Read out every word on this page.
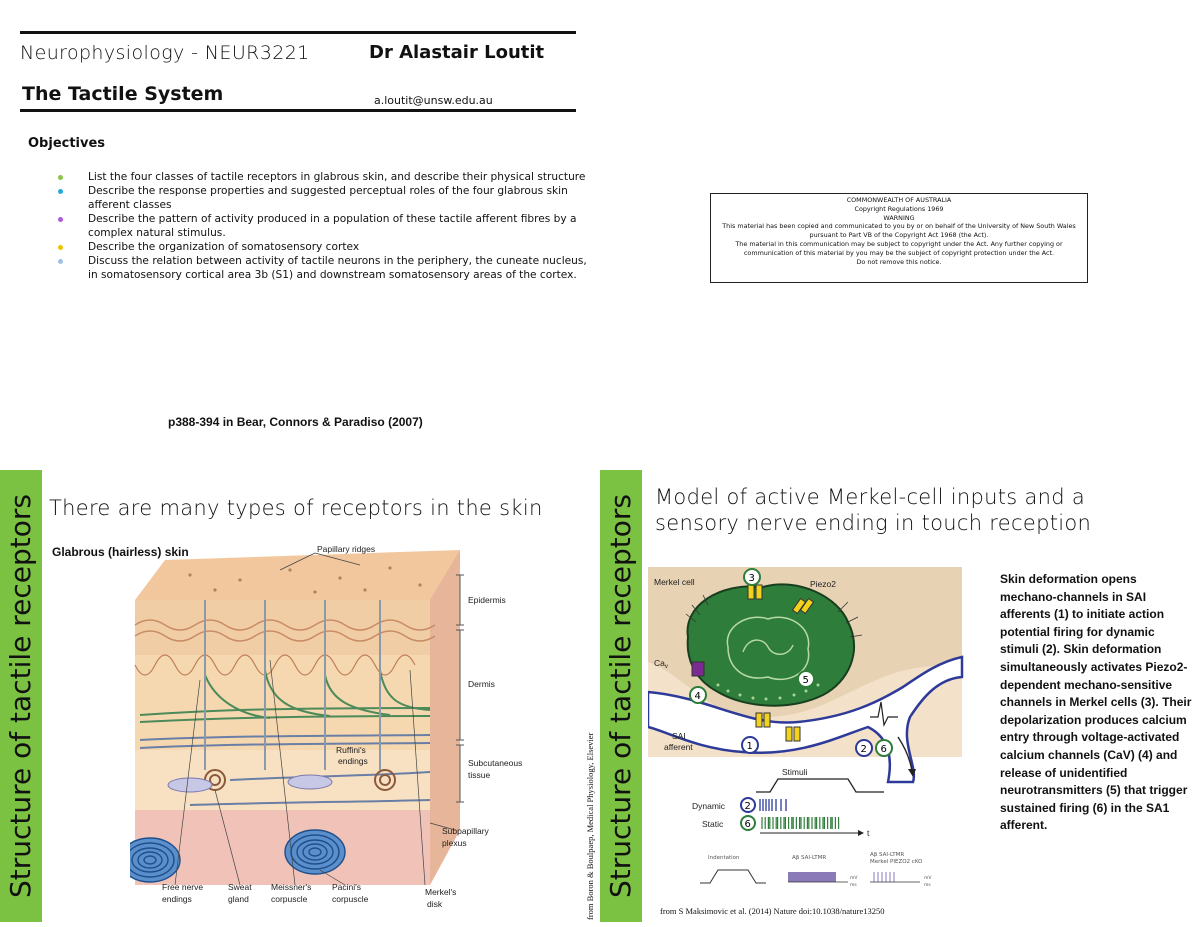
Neurophysiology - NEUR3221	Dr Alastair Loutit
The Tactile System	a.loutit@unsw.edu.au
Objectives
List the four classes of tactile receptors in glabrous skin, and describe their physical structure
Describe the response properties and suggested perceptual roles of the four glabrous skin afferent classes
Describe the pattern of activity produced in a population of these tactile afferent fibres by a complex natural stimulus.
Describe the organization of somatosensory cortex
Discuss the relation between activity of tactile neurons in the periphery, the cuneate nucleus, in somatosensory cortical area 3b (S1) and downstream somatosensory areas of the cortex.
COMMONWEALTH OF AUSTRALIA
Copyright Regulations 1969
WARNING
This material has been copied and communicated to you by or on behalf of the University of New South Wales pursuant to Part VB of the Copyright Act 1968 (the Act).
The material in this communication may be subject to copyright under the Act. Any further copying or communication of this material by you may be the subject of copyright protection under the Act.
Do not remove this notice.
p388-394 in Bear, Connors & Paradiso (2007)
Structure of tactile receptors There are many types of receptors in the skin
Glabrous (hairless) skin	Papillary ridges
Epidermis
Dermis
Subcutaneous
tissue
Ruffini's
endings
Subpapillary
plexus
Free nerve
endings
Sweat
gland
Meissner's
corpuscle
Pacini's
corpuscle
Merkel's
disk	from Boron & Boulpaep, Medical Physiology, Elsevier Structure of tactile receptors Model of active Merkel-cell inputs and a
sensory nerve ending in touch reception
3
5
4
1	2 6
Merkel cell	Piezo2
$Ca_v$
SAI
afferent
Stimuli
Dynamic 2
Static 6
t
Indentation	Aβ SAI-LTMR
mV
ms
Aβ SAI-LTMR
Merkel PIEZO2 cKO
mV
ms
from S Maksimovic et al. (2014) Nature doi:10.1038/nature13250
Skin deformation opens mechano-channels in SAI afferents (1) to initiate action potential firing for dynamic stimuli (2). Skin deformation simultaneously activates Piezo2-dependent mechano-sensitive channels in Merkel cells (3). Their depolarization produces calcium entry through voltage-activated calcium channels (CaV) (4) and release of unidentified neurotransmitters (5) that trigger sustained firing (6) in the SA1 afferent.
